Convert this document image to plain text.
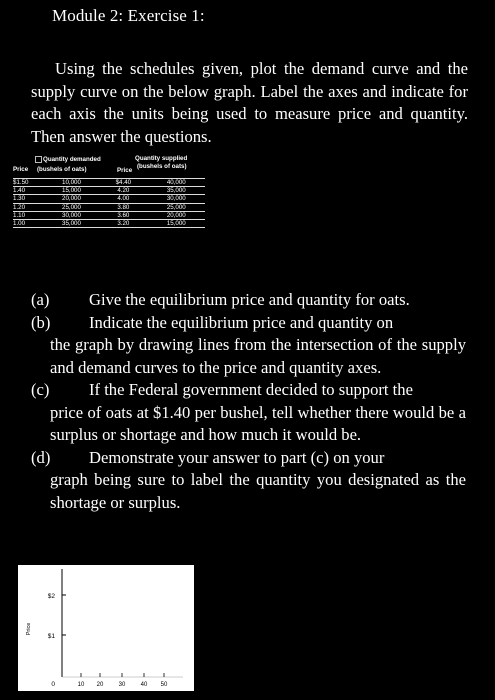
Module 2: Exercise 1:
Using the schedules given, plot the demand curve and the supply curve on the below graph. Label the axes and indicate for each axis the units being used to measure price and quantity. Then answer the questions.
Quantity demanded
Price (bushels of oats)
Quantity supplied
Price
(bushels of oats)
$1.50	10,000	$4.40	40,000
1.40	15,000	4.20	35,000
1.30	20,000	4.00	30,000
1.20	25,000	3.80	25,000
1.10	30,000	3.60	20,000
1.00	35,000	3.20	15,000
(a) Give the equilibrium price and quantity for oats.
(b) Indicate the equilibrium price and quantity on
the graph by drawing lines from the intersection of the supply and demand curves to the price and quantity axes.
(c) If the Federal government decided to support the
price of oats at $1.40 per bushel, tell whether there would be a surplus or shortage and how much it would be.
(d) Demonstrate your answer to part (c) on your
graph being sure to label the quantity you designated as the shortage or surplus.
$2
$1
Price
0	10 20	30	40 50
